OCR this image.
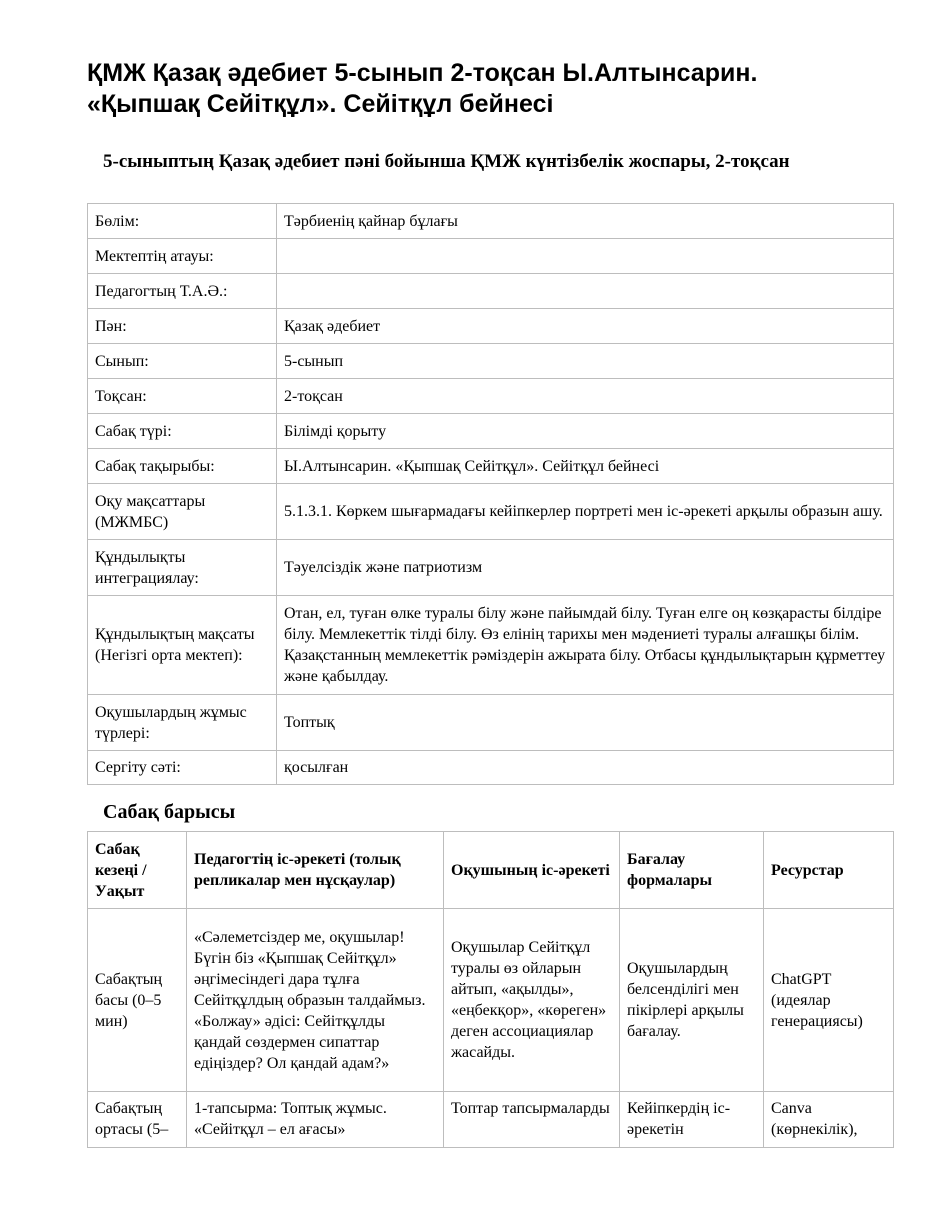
ҚМЖ Қазақ әдебиет 5-сынып 2-тоқсан Ы.Алтынсарин.
«Қыпшақ Сейітқұл». Сейітқұл бейнесі
5-сыныптың Қазақ әдебиет пәні бойынша ҚМЖ күнтізбелік жоспары, 2-тоқсан
Бөлім:	Тәрбиенің қайнар бұлағы
Мектептің атауы:	
Педагогтың Т.А.Ә.:	
Пән:	Қазақ әдебиет
Сынып:	5-сынып
Тоқсан:	2-тоқсан
Сабақ түрі:	Білімді қорыту
Сабақ тақырыбы:	Ы.Алтынсарин. «Қыпшақ Сейітқұл». Сейітқұл бейнесі
Оқу мақсаттары (МЖМБС)	5.1.3.1. Көркем шығармадағы кейіпкерлер портреті мен іс-әрекеті арқылы образын ашу.
Құндылықты интеграциялау:	Тәуелсіздік және патриотизм
Құндылықтың мақсаты (Негізгі орта мектеп):	Отан, ел, туған өлке туралы білу және пайымдай білу. Туған елге оң көзқарасты білдіре білу. Мемлекеттік тілді білу. Өз елінің тарихы мен мәдениеті туралы алғашқы білім. Қазақстанның мемлекеттік рәміздерін ажырата білу. Отбасы құндылықтарын құрметтеу және қабылдау.
Оқушылардың жұмыс түрлері:	Топтық
Сергіту сәті:	қосылған
Сабақ барысы
Сабақ кезеңі / Уақыт	Педагогтің іс-әрекеті (толық репликалар мен нұсқаулар)	Оқушының іс-әрекеті	Бағалау формалары	Ресурстар
Сабақтың басы (0–5 мин)	«Сәлеметсіздер ме, оқушылар! Бүгін біз «Қыпшақ Сейітқұл» әңгімесіндегі дара тұлға Сейітқұлдың образын талдаймыз. «Болжау» әдісі: Сейітқұлды қандай сөздермен сипаттар едіңіздер? Ол қандай адам?»	Оқушылар Сейітқұл туралы өз ойларын айтып, «ақылды», «еңбекқор», «көреген» деген ассоциациялар жасайды.	Оқушылардың белсенділігі мен пікірлері арқылы бағалау.	ChatGPT (идеялар генерациясы)
Сабақтың ортасы (5–	1-тапсырма: Топтық жұмыс. «Сейітқұл – ел ағасы»	Топтар тапсырмаларды	Кейіпкердің іс-әрекетін	Canva (көрнекілік),
